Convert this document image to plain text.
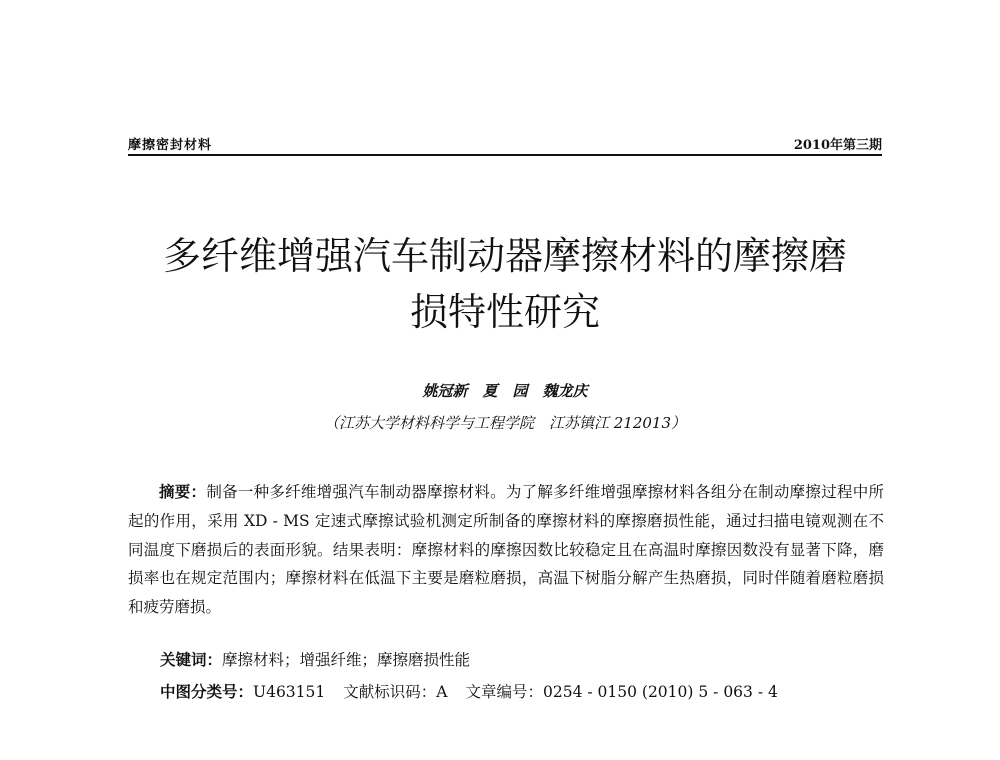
摩擦密封材料	2010年第三期
多纤维增强汽车制动器摩擦材料的摩擦磨
损特性研究
姚冠新　夏　园　魏龙庆
（江苏大学材料科学与工程学院　江苏镇江 212013）

摘要：制备一种多纤维增强汽车制动器摩擦材料。为了解多纤维增强摩擦材料各组分在制动摩擦过程中所起的作用，采用 XD - MS 定速式摩擦试验机测定所制备的摩擦材料的摩擦磨损性能，通过扫描电镜观测在不同温度下磨损后的表面形貌。结果表明：摩擦材料的摩擦因数比较稳定且在高温时摩擦因数没有显著下降，磨损率也在规定范围内；摩擦材料在低温下主要是磨粒磨损，高温下树脂分解产生热磨损，同时伴随着磨粒磨损和疲劳磨损。

关键词：摩擦材料；增强纤维；摩擦磨损性能
中图分类号：U463151 文献标识码：A 文章编号：0254 - 0150 (2010) 5 - 063 - 4
